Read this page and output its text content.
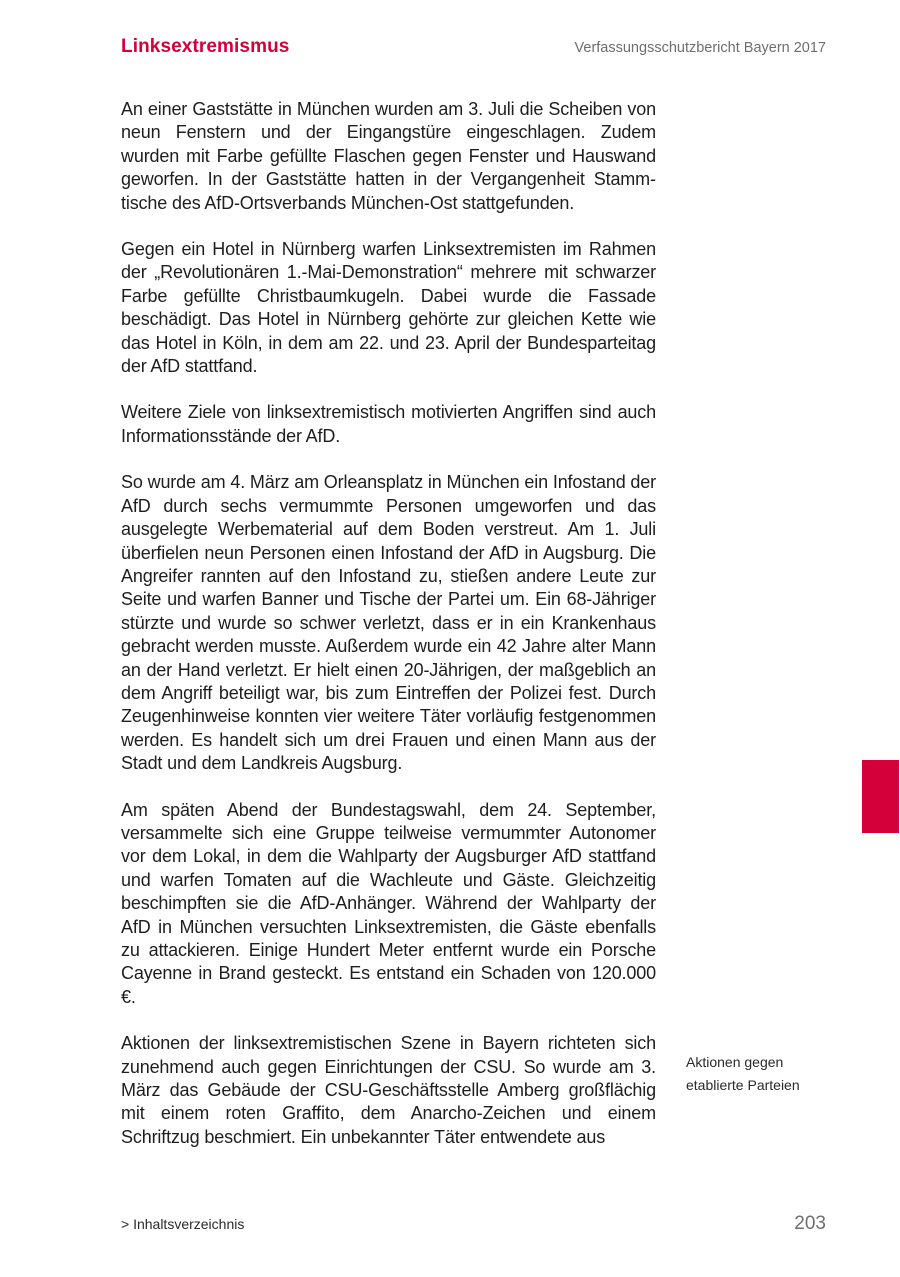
Linksextremismus	Verfassungsschutzbericht Bayern 2017

An einer Gaststätte in München wurden am 3. Juli die Scheiben von neun Fenstern und der Eingangstüre eingeschlagen. Zudem wurden mit Farbe gefüllte Flaschen gegen Fenster und Hauswand geworfen. In der Gaststätte hatten in der Vergangenheit Stammtische des AfD-Ortsverbands München-Ost stattgefunden.

Gegen ein Hotel in Nürnberg warfen Linksextremisten im Rahmen der „Revolutionären 1.-Mai-Demonstration“ mehrere mit schwarzer Farbe gefüllte Christbaumkugeln. Dabei wurde die Fassade beschädigt. Das Hotel in Nürnberg gehörte zur gleichen Kette wie das Hotel in Köln, in dem am 22. und 23. April der Bundesparteitag der AfD stattfand.

Weitere Ziele von linksextremistisch motivierten Angriffen sind auch Informationsstände der AfD.

So wurde am 4. März am Orleansplatz in München ein Infostand der AfD durch sechs vermummte Personen umgeworfen und das ausgelegte Werbematerial auf dem Boden verstreut. Am 1. Juli überfielen neun Personen einen Infostand der AfD in Augsburg. Die Angreifer rannten auf den Infostand zu, stießen andere Leute zur Seite und warfen Banner und Tische der Partei um. Ein 68-Jähriger stürzte und wurde so schwer verletzt, dass er in ein Krankenhaus gebracht werden musste. Außerdem wurde ein 42 Jahre alter Mann an der Hand verletzt. Er hielt einen 20-Jährigen, der maßgeblich an dem Angriff beteiligt war, bis zum Eintreffen der Polizei fest. Durch Zeugenhinweise konnten vier weitere Täter vorläufig festgenommen werden. Es handelt sich um drei Frauen und einen Mann aus der Stadt und dem Landkreis Augsburg.

Am späten Abend der Bundestagswahl, dem 24. September, versammelte sich eine Gruppe teilweise vermummter Autonomer vor dem Lokal, in dem die Wahlparty der Augsburger AfD stattfand und warfen Tomaten auf die Wachleute und Gäste. Gleichzeitig beschimpften sie die AfD-Anhänger. Während der Wahlparty der AfD in München versuchten Linksextremisten, die Gäste ebenfalls zu attackieren. Einige Hundert Meter entfernt wurde ein Porsche Cayenne in Brand gesteckt. Es entstand ein Schaden von 120.000 €.

Aktionen der linksextremistischen Szene in Bayern richteten sich zunehmend auch gegen Einrichtungen der CSU. So wurde am 3. März das Gebäude der CSU-Geschäftsstelle Amberg großflächig mit einem roten Graffito, dem Anarcho-Zeichen und einem Schriftzug beschmiert. Ein unbekannter Täter entwendete aus

Aktionen gegen
etablierte Parteien
> Inhaltsverzeichnis	203
